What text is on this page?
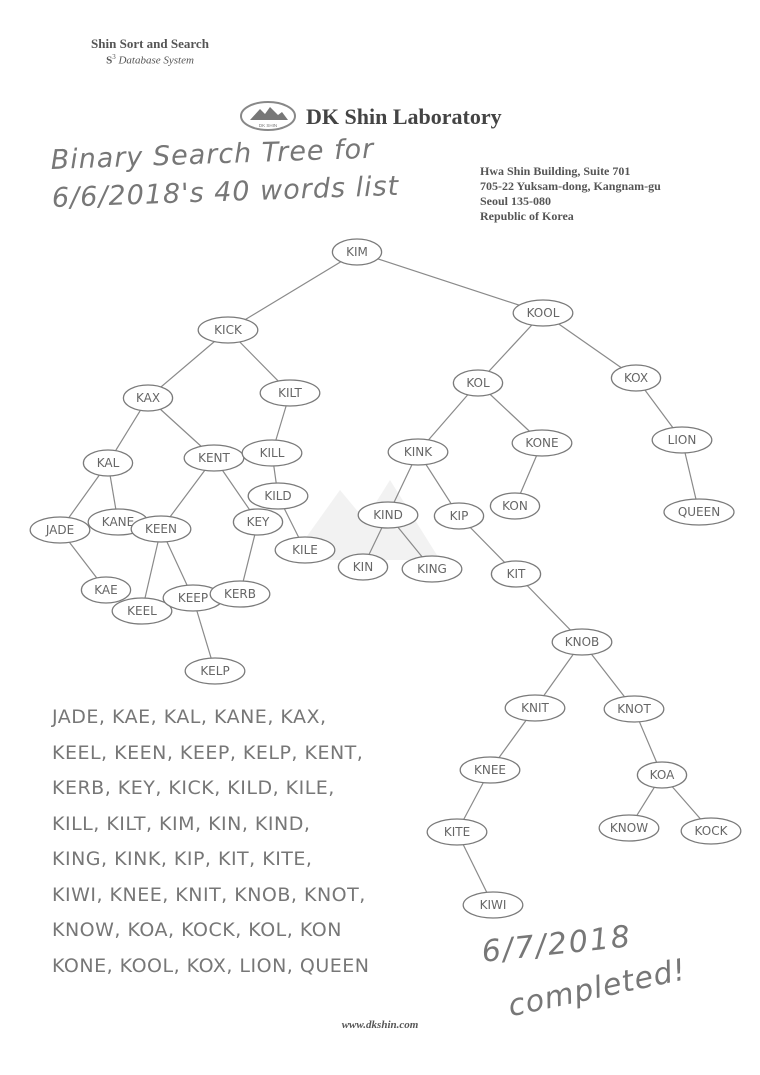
Shin Sort and Search
$S^3$ Database System
DK SHIN DK Shin Laboratory
Hwa Shin Building, Suite 701
705-22 Yuksam-dong, Kangnam-gu
Seoul 135-080
Republic of Korea
Binary Search Tree for
6/6/2018's 40 words list
KIM
KICK
KOOL
KAX	KILT
KOL	KOX
KAL	KENT KILL	KINK
KONE	LION
JADE
KANE KEEN	KEY
KILD
KIND	KIP
KON	QUEEN
KILE
KAE
KEEL
KEEP KERB
KIN	KING	KIT
KELP
KNOB
KNIT	KNOT
KNEE	KOA
KITE	KNOW	KOCK
KIWI
JADE, KAE, KAL, KANE, KAX,
KEEL, KEEN, KEEP, KELP, KENT,
KERB, KEY, KICK, KILD, KILE,
KILL, KILT, KIM, KIN, KIND,
KING, KINK, KIP, KIT, KITE,
KIWI, KNEE, KNIT, KNOB, KNOT,
KNOW, KOA, KOCK, KOL, KON
KONE, KOOL, KOX, LION, QUEEN	6/7/2018
completed!
www.dkshin.com
